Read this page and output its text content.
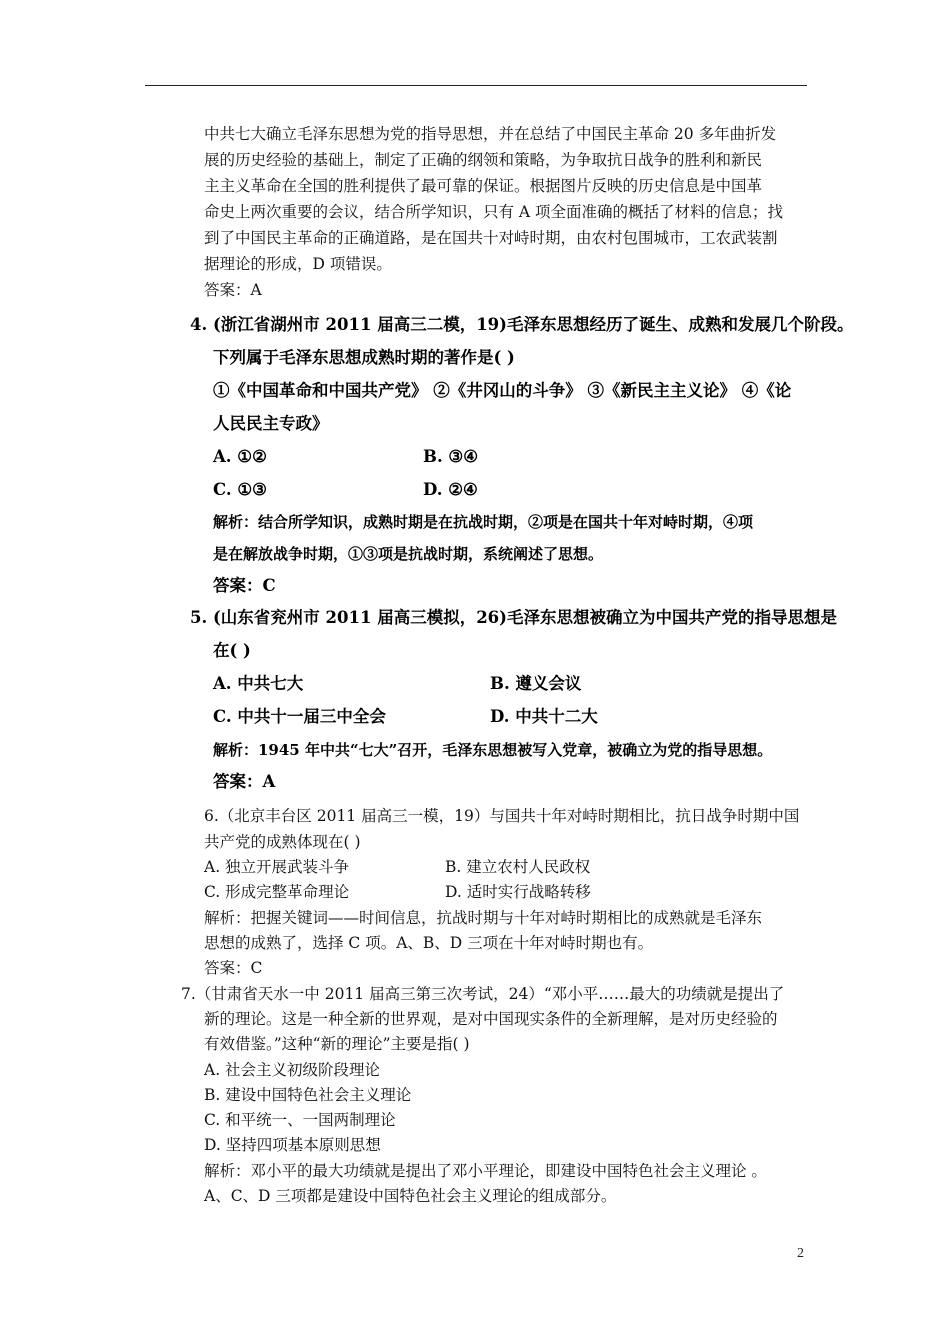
中共七大确立毛泽东思想为党的指导思想，并在总结了中国民主革命 20 多年曲折发
展的历史经验的基础上，制定了正确的纲领和策略，为争取抗日战争的胜利和新民
主主义革命在全国的胜利提供了最可靠的保证。根据图片反映的历史信息是中国革
命史上两次重要的会议，结合所学知识，只有 A 项全面准确的概括了材料的信息；找
到了中国民主革命的正确道路，是在国共十对峙时期，由农村包围城市，工农武装割
据理论的形成，D 项错误。
答案：A
4. (浙江省湖州市 2011 届高三二模，19)毛泽东思想经历了诞生、成熟和发展几个阶段。
下列属于毛泽东思想成熟时期的著作是( )
①《中国革命和中国共产党》 ②《井冈山的斗争》 ③《新民主主义论》 ④《论
人民民主专政》
A. ①②	B. ③④
C. ①③	D. ②④
解析：结合所学知识，成熟时期是在抗战时期，②项是在国共十年对峙时期，④项
是在解放战争时期，①③项是抗战时期，系统阐述了思想。
答案：C
5. (山东省兖州市 2011 届高三模拟，26)毛泽东思想被确立为中国共产党的指导思想是
在( )
A. 中共七大	B. 遵义会议
C. 中共十一届三中全会	D. 中共十二大
解析：1945 年中共“七大”召开，毛泽东思想被写入党章，被确立为党的指导思想。
答案：A
6.（北京丰台区 2011 届高三一模，19）与国共十年对峙时期相比，抗日战争时期中国
共产党的成熟体现在( )
A. 独立开展武装斗争	B. 建立农村人民政权
C. 形成完整革命理论	D. 适时实行战略转移
解析：把握关键词——时间信息，抗战时期与十年对峙时期相比的成熟就是毛泽东
思想的成熟了，选择 C 项。A、B、D 三项在十年对峙时期也有。
答案：C
7.（甘肃省天水一中 2011 届高三第三次考试，24）“邓小平……最大的功绩就是提出了
新的理论。这是一种全新的世界观，是对中国现实条件的全新理解，是对历史经验的
有效借鉴。”这种“新的理论”主要是指( )
A. 社会主义初级阶段理论
B. 建设中国特色社会主义理论
C. 和平统一、一国两制理论
D. 坚持四项基本原则思想
解析：邓小平的最大功绩就是提出了邓小平理论，即建设中国特色社会主义理论 。
A、C、D 三项都是建设中国特色社会主义理论的组成部分。
2
